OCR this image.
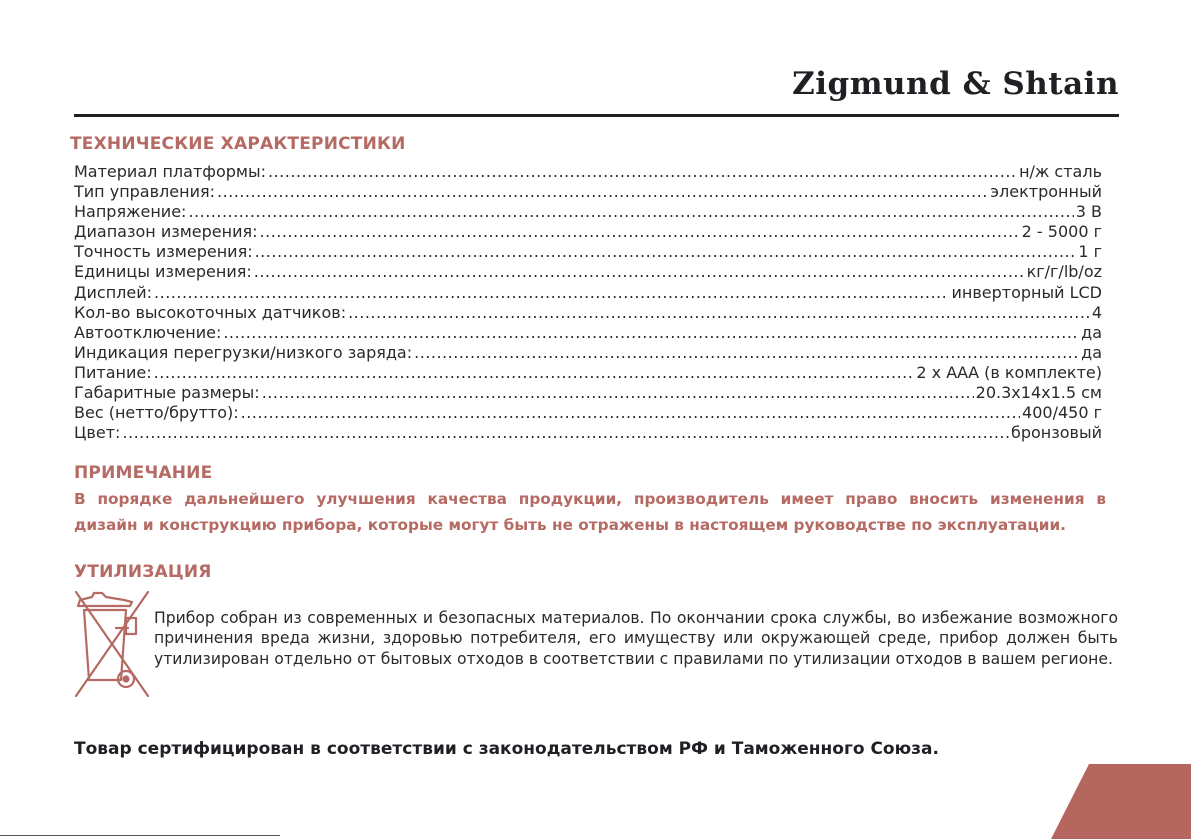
Zigmund & Shtain
ТЕХНИЧЕСКИЕ ХАРАКТЕРИСТИКИ
Материал платформы: .....	н/ж сталь
Тип управления: .....	электронный
Напряжение: .....	3 В
Диапазон измерения: .....	2 - 5000 г
Точность измерения: .....	1 г
Единицы измерения: .....	кг/г/lb/oz
Дисплей: .....	инверторный LCD
Кол-во высокоточных датчиков: .....	4
Автоотключение: .....	да
Индикация перегрузки/низкого заряда: .....	да
Питание: .....	2 х ААА (в комплекте)
Габаритные размеры: .....	20.3x14x1.5 см
Вес (нетто/брутто): .....	400/450 г
Цвет: .....	бронзовый
ПРИМЕЧАНИЕ
В порядке дальнейшего улучшения качества продукции, производитель имеет право вносить изменения в
дизайн и конструкцию прибора, которые могут быть не отражены в настоящем руководстве по эксплуатации.
УТИЛИЗАЦИЯ

Прибор собран из современных и безопасных материалов. По окончании срока службы, во избежание возможного причинения вреда жизни, здоровью потребителя, его имуществу или окружающей среде, прибор должен быть утилизирован отдельно от бытовых отходов в соответствии с правилами по утилизации отходов в вашем регионе.

Товар сертифицирован в соответствии с законодательством РФ и Таможенного Союза.
